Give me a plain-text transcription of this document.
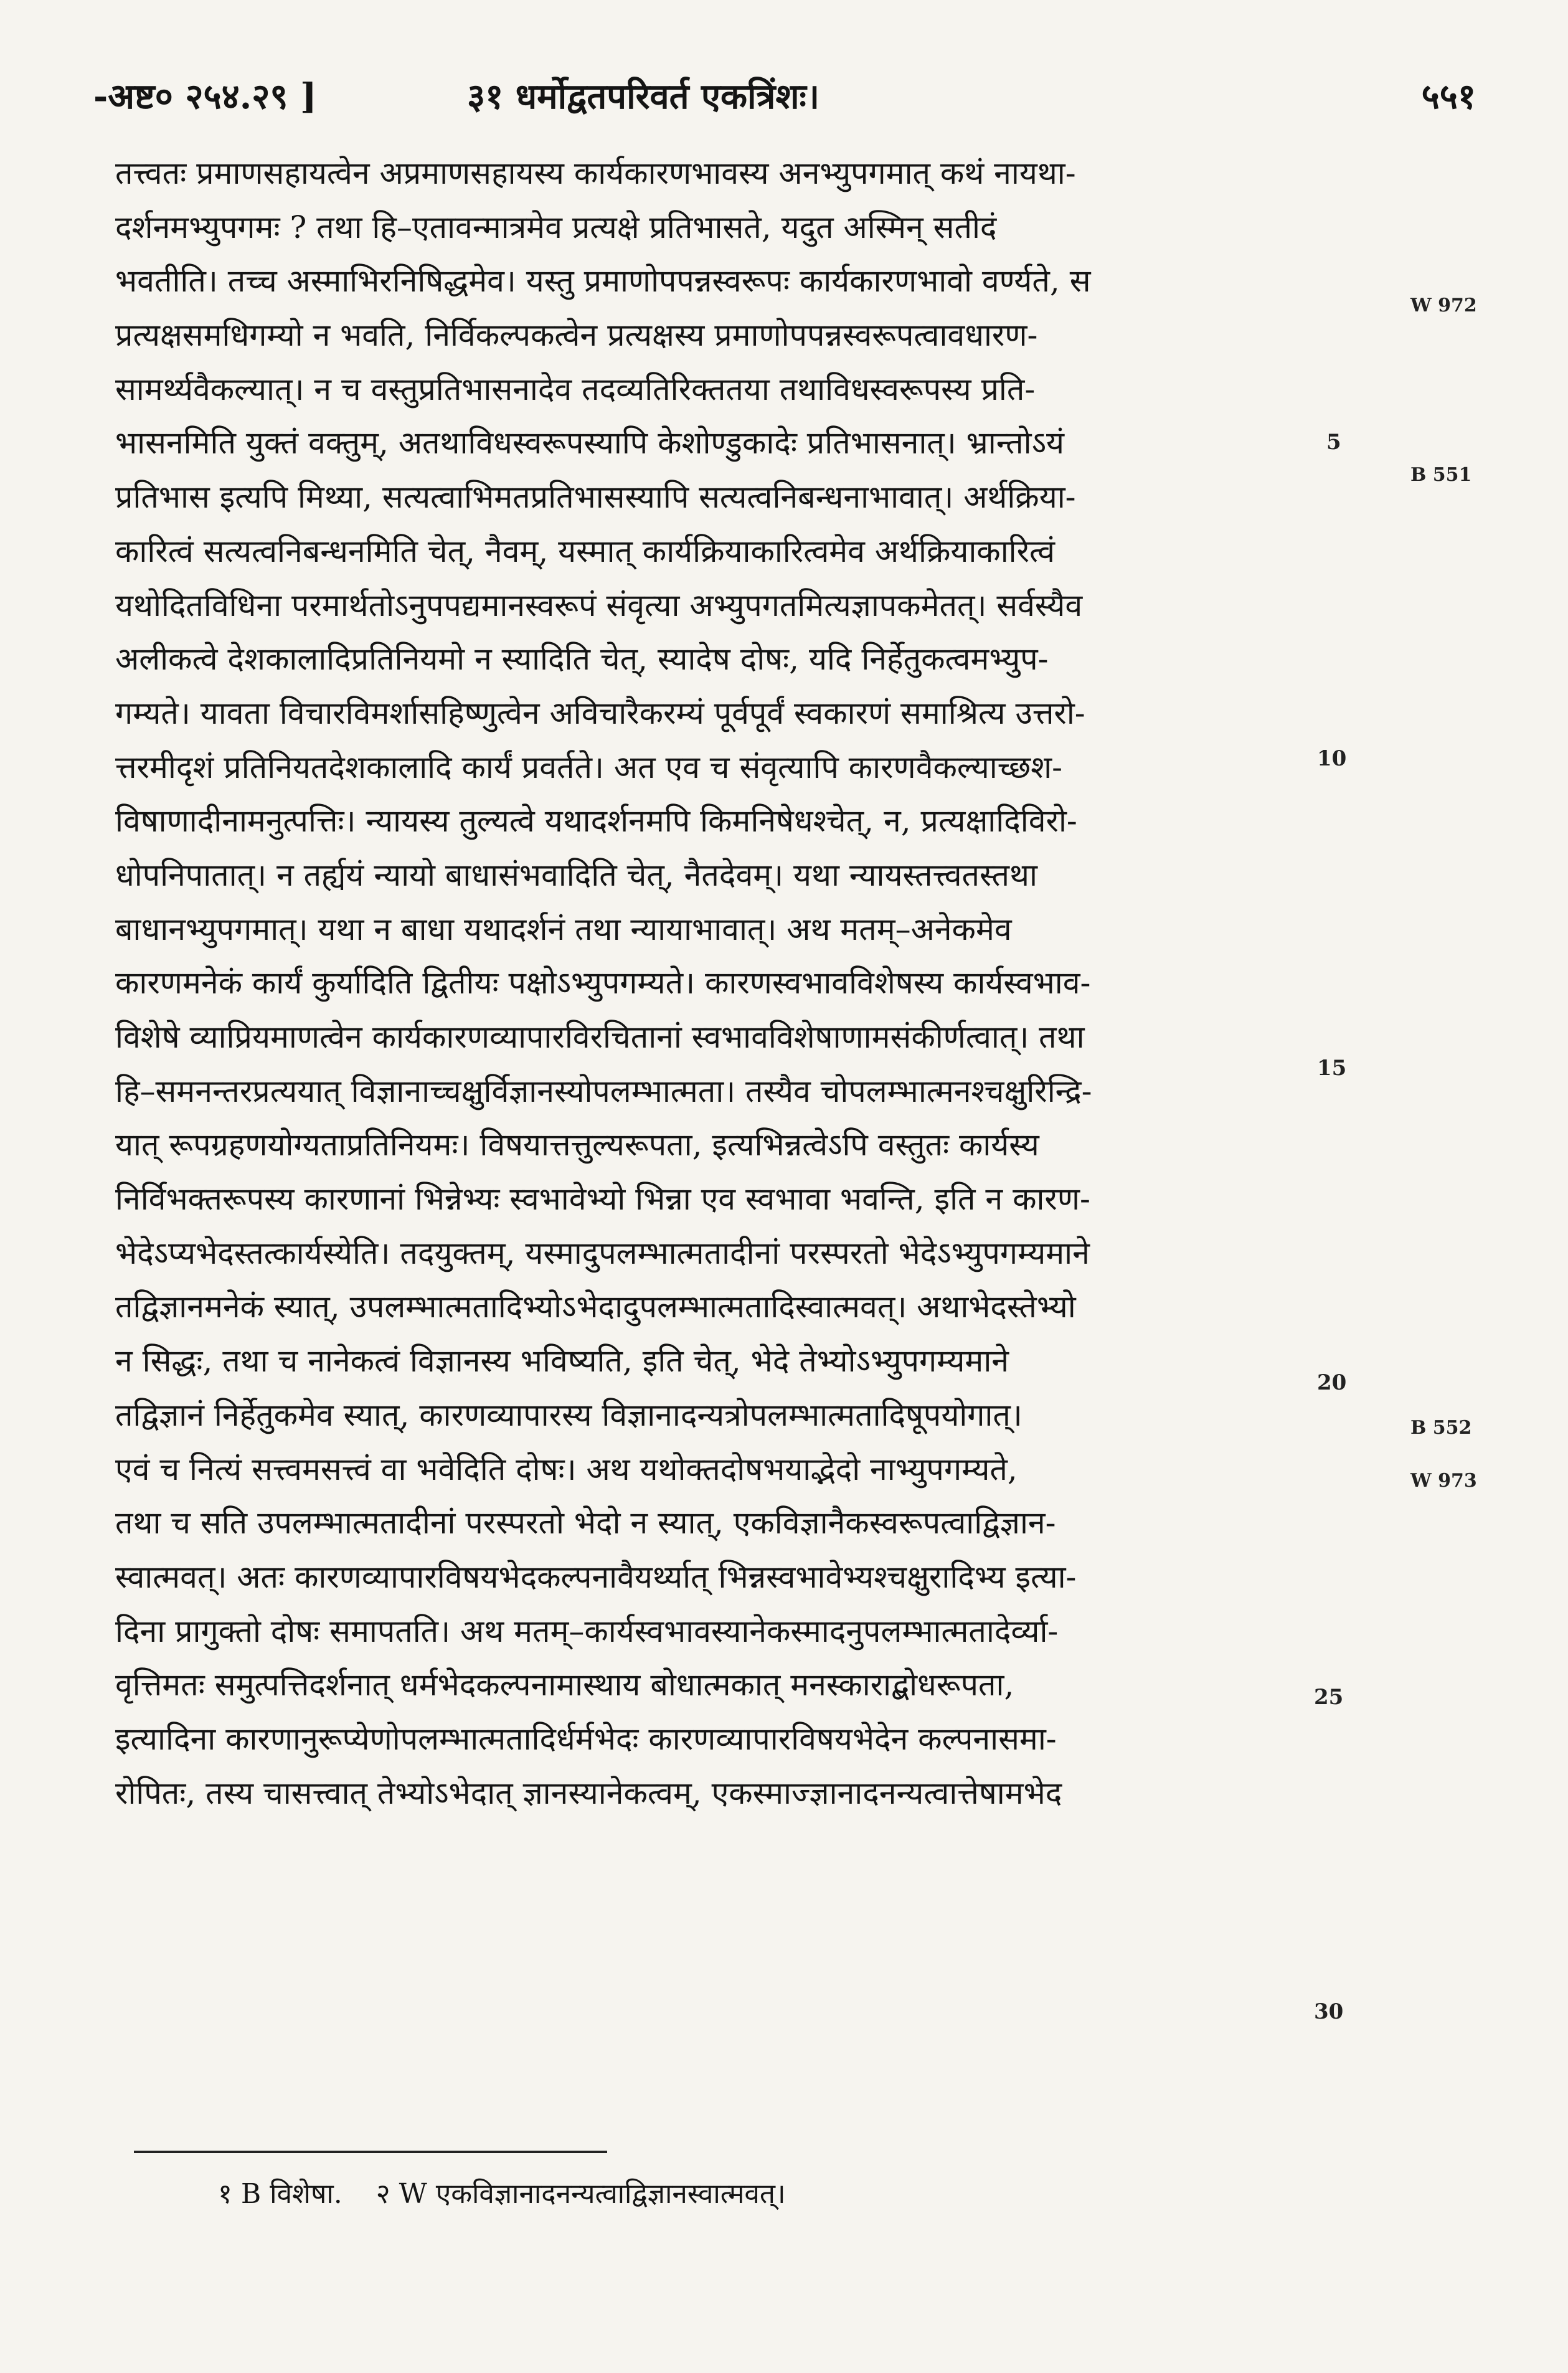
-अष्ट० २५४.२९ ]	३१ धर्मोद्वतपरिवर्त एकत्रिंशः।	५५१
तत्त्वतः प्रमाणसहायत्वेन अप्रमाणसहायस्य कार्यकारणभावस्य अनभ्युपगमात् कथं नायथा-
दर्शनमभ्युपगमः ? तथा हि–एतावन्मात्रमेव प्रत्यक्षे प्रतिभासते, यदुत अस्मिन् सतीदं
भवतीति। तच्च अस्माभिरनिषिद्धमेव। यस्तु प्रमाणोपपन्नस्वरूपः कार्यकारणभावो वर्ण्यते, स
प्रत्यक्षसमधिगम्यो न भवति, निर्विकल्पकत्वेन प्रत्यक्षस्य प्रमाणोपपन्नस्वरूपत्वावधारण-
सामर्थ्यवैकल्यात्। न च वस्तुप्रतिभासनादेव तदव्यतिरिक्ततया तथाविधस्वरूपस्य प्रति-
भासनमिति युक्तं वक्तुम्, अतथाविधस्वरूपस्यापि केशोण्डुकादेः प्रतिभासनात्। भ्रान्तोऽयं
प्रतिभास इत्यपि मिथ्या, सत्यत्वाभिमतप्रतिभासस्यापि सत्यत्वनिबन्धनाभावात्। अर्थक्रिया-
कारित्वं सत्यत्वनिबन्धनमिति चेत्, नैवम्, यस्मात् कार्यक्रियाकारित्वमेव अर्थक्रियाकारित्वं
यथोदितविधिना परमार्थतोऽनुपपद्यमानस्वरूपं संवृत्या अभ्युपगतमित्यज्ञापकमेतत्। सर्वस्यैव
अलीकत्वे देशकालादिप्रतिनियमो न स्यादिति चेत्, स्यादेष दोषः, यदि निर्हेतुकत्वमभ्युप-
गम्यते। यावता विचारविमर्शासहिष्णुत्वेन अविचारैकरम्यं पूर्वपूर्वं स्वकारणं समाश्रित्य उत्तरो-
त्तरमीदृशं प्रतिनियतदेशकालादि कार्यं प्रवर्तते। अत एव च संवृत्यापि कारणवैकल्याच्छश-
विषाणादीनामनुत्पत्तिः। न्यायस्य तुल्यत्वे यथादर्शनमपि किमनिषेधश्चेत्, न, प्रत्यक्षादिविरो-
धोपनिपातात्। न तर्ह्ययं न्यायो बाधासंभवादिति चेत्, नैतदेवम्। यथा न्यायस्तत्त्वतस्तथा
बाधानभ्युपगमात्। यथा न बाधा यथादर्शनं तथा न्यायाभावात्। अथ मतम्–अनेकमेव
कारणमनेकं कार्यं कुर्यादिति द्वितीयः पक्षोऽभ्युपगम्यते। कारणस्वभावविशेषस्य कार्यस्वभाव-
विशेषे व्याप्रियमाणत्वेन कार्यकारणव्यापारविरचितानां स्वभावविशेषाणामसंकीर्णत्वात्। तथा
हि–समनन्तरप्रत्ययात् विज्ञानाच्चक्षुर्विज्ञानस्योपलम्भात्मता। तस्यैव चोपलम्भात्मनश्चक्षुरिन्द्रि-
यात् रूपग्रहणयोग्यताप्रतिनियमः। विषयात्तत्तुल्यरूपता, इत्यभिन्नत्वेऽपि वस्तुतः कार्यस्य
निर्विभक्तरूपस्य कारणानां भिन्नेभ्यः स्वभावेभ्यो भिन्ना एव स्वभावा भवन्ति, इति न कारण-
भेदेऽप्यभेदस्तत्कार्यस्येति। तदयुक्तम्, यस्मादुपलम्भात्मतादीनां परस्परतो भेदेऽभ्युपगम्यमाने
तद्विज्ञानमनेकं स्यात्, उपलम्भात्मतादिभ्योऽभेदादुपलम्भात्मतादिस्वात्मवत्। अथाभेदस्तेभ्यो
न सिद्धः, तथा च नानेकत्वं विज्ञानस्य भविष्यति, इति चेत्, भेदे तेभ्योऽभ्युपगम्यमाने
तद्विज्ञानं निर्हेतुकमेव स्यात्, कारणव्यापारस्य विज्ञानादन्यत्रोपलम्भात्मतादिषूपयोगात्।
एवं च नित्यं सत्त्वमसत्त्वं वा भवेदिति दोषः। अथ यथोक्तदोषभयाद्भेदो नाभ्युपगम्यते,
तथा च सति उपलम्भात्मतादीनां परस्परतो भेदो न स्यात्, एकविज्ञानैकस्वरूपत्वाद्विज्ञान-
स्वात्मवत्। अतः कारणव्यापारविषयभेदकल्पनावैयर्थ्यात् भिन्नस्वभावेभ्यश्चक्षुरादिभ्य इत्या-
दिना प्रागुक्तो दोषः समापतति। अथ मतम्–कार्यस्वभावस्यानेकस्मादनुपलम्भात्मतादेर्व्या-
वृत्तिमतः समुत्पत्तिदर्शनात् धर्मभेदकल्पनामास्थाय बोधात्मकात् मनस्काराद्बोधरूपता,
इत्यादिना कारणानुरूप्येणोपलम्भात्मतादिर्धर्मभेदः कारणव्यापारविषयभेदेन कल्पनासमा-
रोपितः, तस्य चासत्त्वात् तेभ्योऽभेदात् ज्ञानस्यानेकत्वम्, एकस्माज्ज्ञानादनन्यत्वात्तेषामभेद
5
10
15
20
25
30
W 972
B 551
B 552
W 973
१ B विशेषा. २ W एकविज्ञानादनन्यत्वाद्विज्ञानस्वात्मवत्।
